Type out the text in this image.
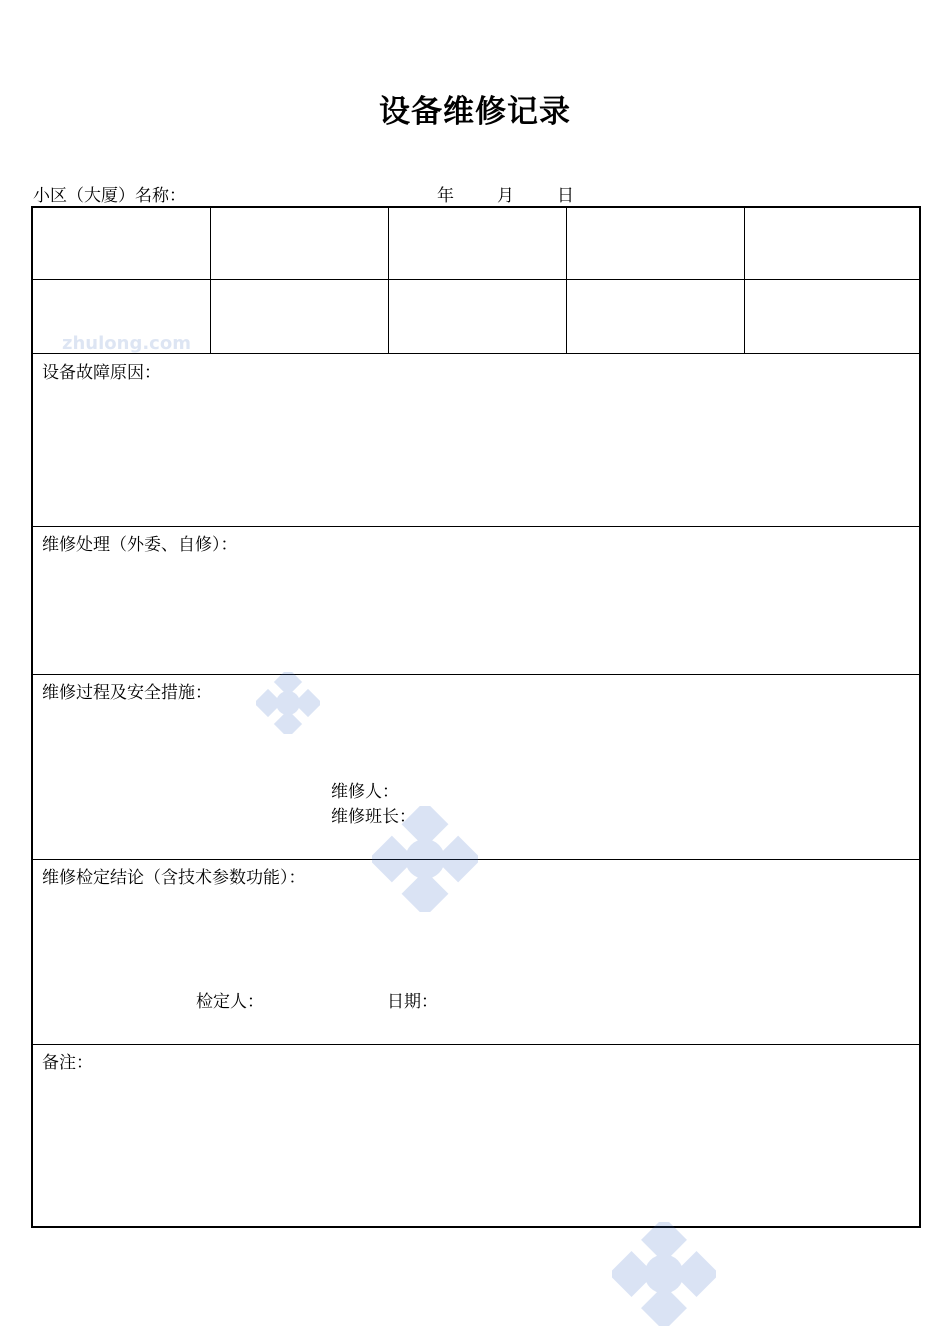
设备维修记录
小区（大厦）名称：	年	月	日
设备故障原因：
维修处理（外委、自修）：
维修过程及安全措施：
维修人：
维修班长：
维修检定结论（含技术参数功能）：
检定人：	日期：
备注：
zhulong.com
